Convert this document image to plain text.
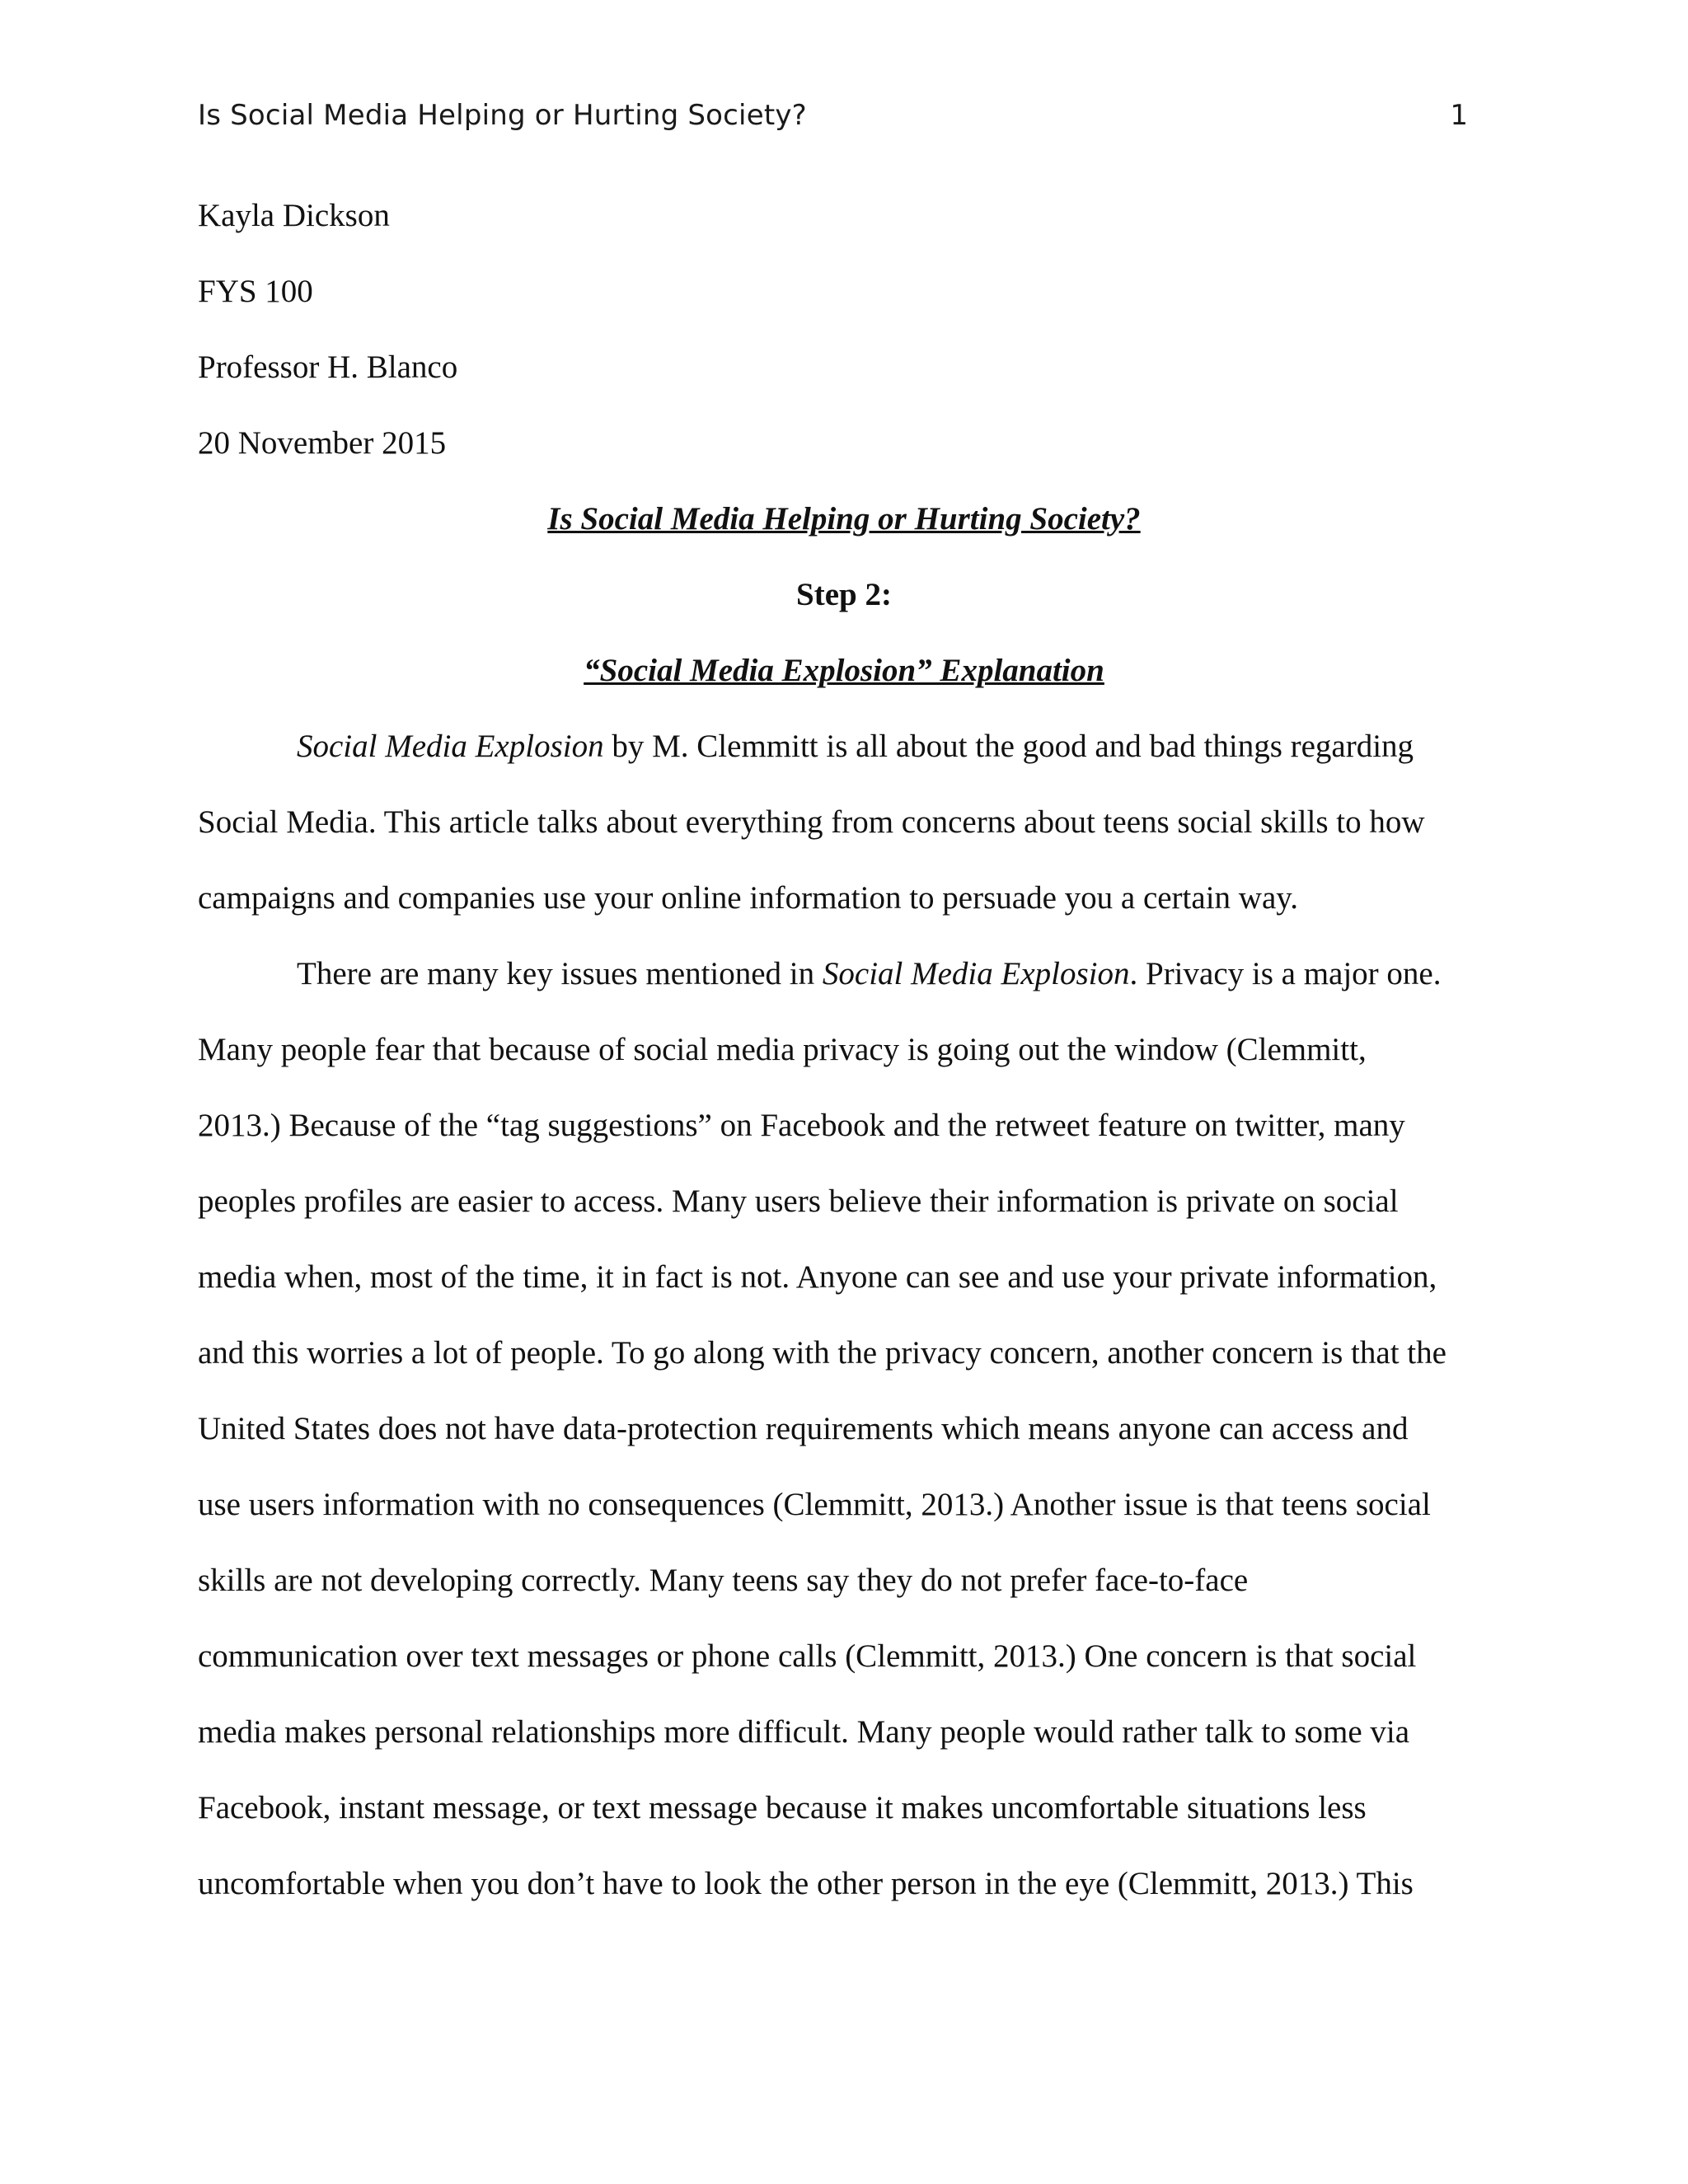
Is Social Media Helping or Hurting Society?	1
Kayla Dickson
FYS 100
Professor H. Blanco
20 November 2015
Is Social Media Helping or Hurting Society?
Step 2:
“Social Media Explosion” Explanation
Social Media Explosion by M. Clemmitt is all about the good and bad things regarding
Social Media. This article talks about everything from concerns about teens social skills to how
campaigns and companies use your online information to persuade you a certain way.
There are many key issues mentioned in Social Media Explosion. Privacy is a major one.
Many people fear that because of social media privacy is going out the window (Clemmitt,
2013.) Because of the “tag suggestions” on Facebook and the retweet feature on twitter, many
peoples profiles are easier to access. Many users believe their information is private on social
media when, most of the time, it in fact is not. Anyone can see and use your private information,
and this worries a lot of people. To go along with the privacy concern, another concern is that the
United States does not have data-protection requirements which means anyone can access and
use users information with no consequences (Clemmitt, 2013.) Another issue is that teens social
skills are not developing correctly. Many teens say they do not prefer face-to-face
communication over text messages or phone calls (Clemmitt, 2013.) One concern is that social
media makes personal relationships more difficult. Many people would rather talk to some via
Facebook, instant message, or text message because it makes uncomfortable situations less
uncomfortable when you don’t have to look the other person in the eye (Clemmitt, 2013.) This
